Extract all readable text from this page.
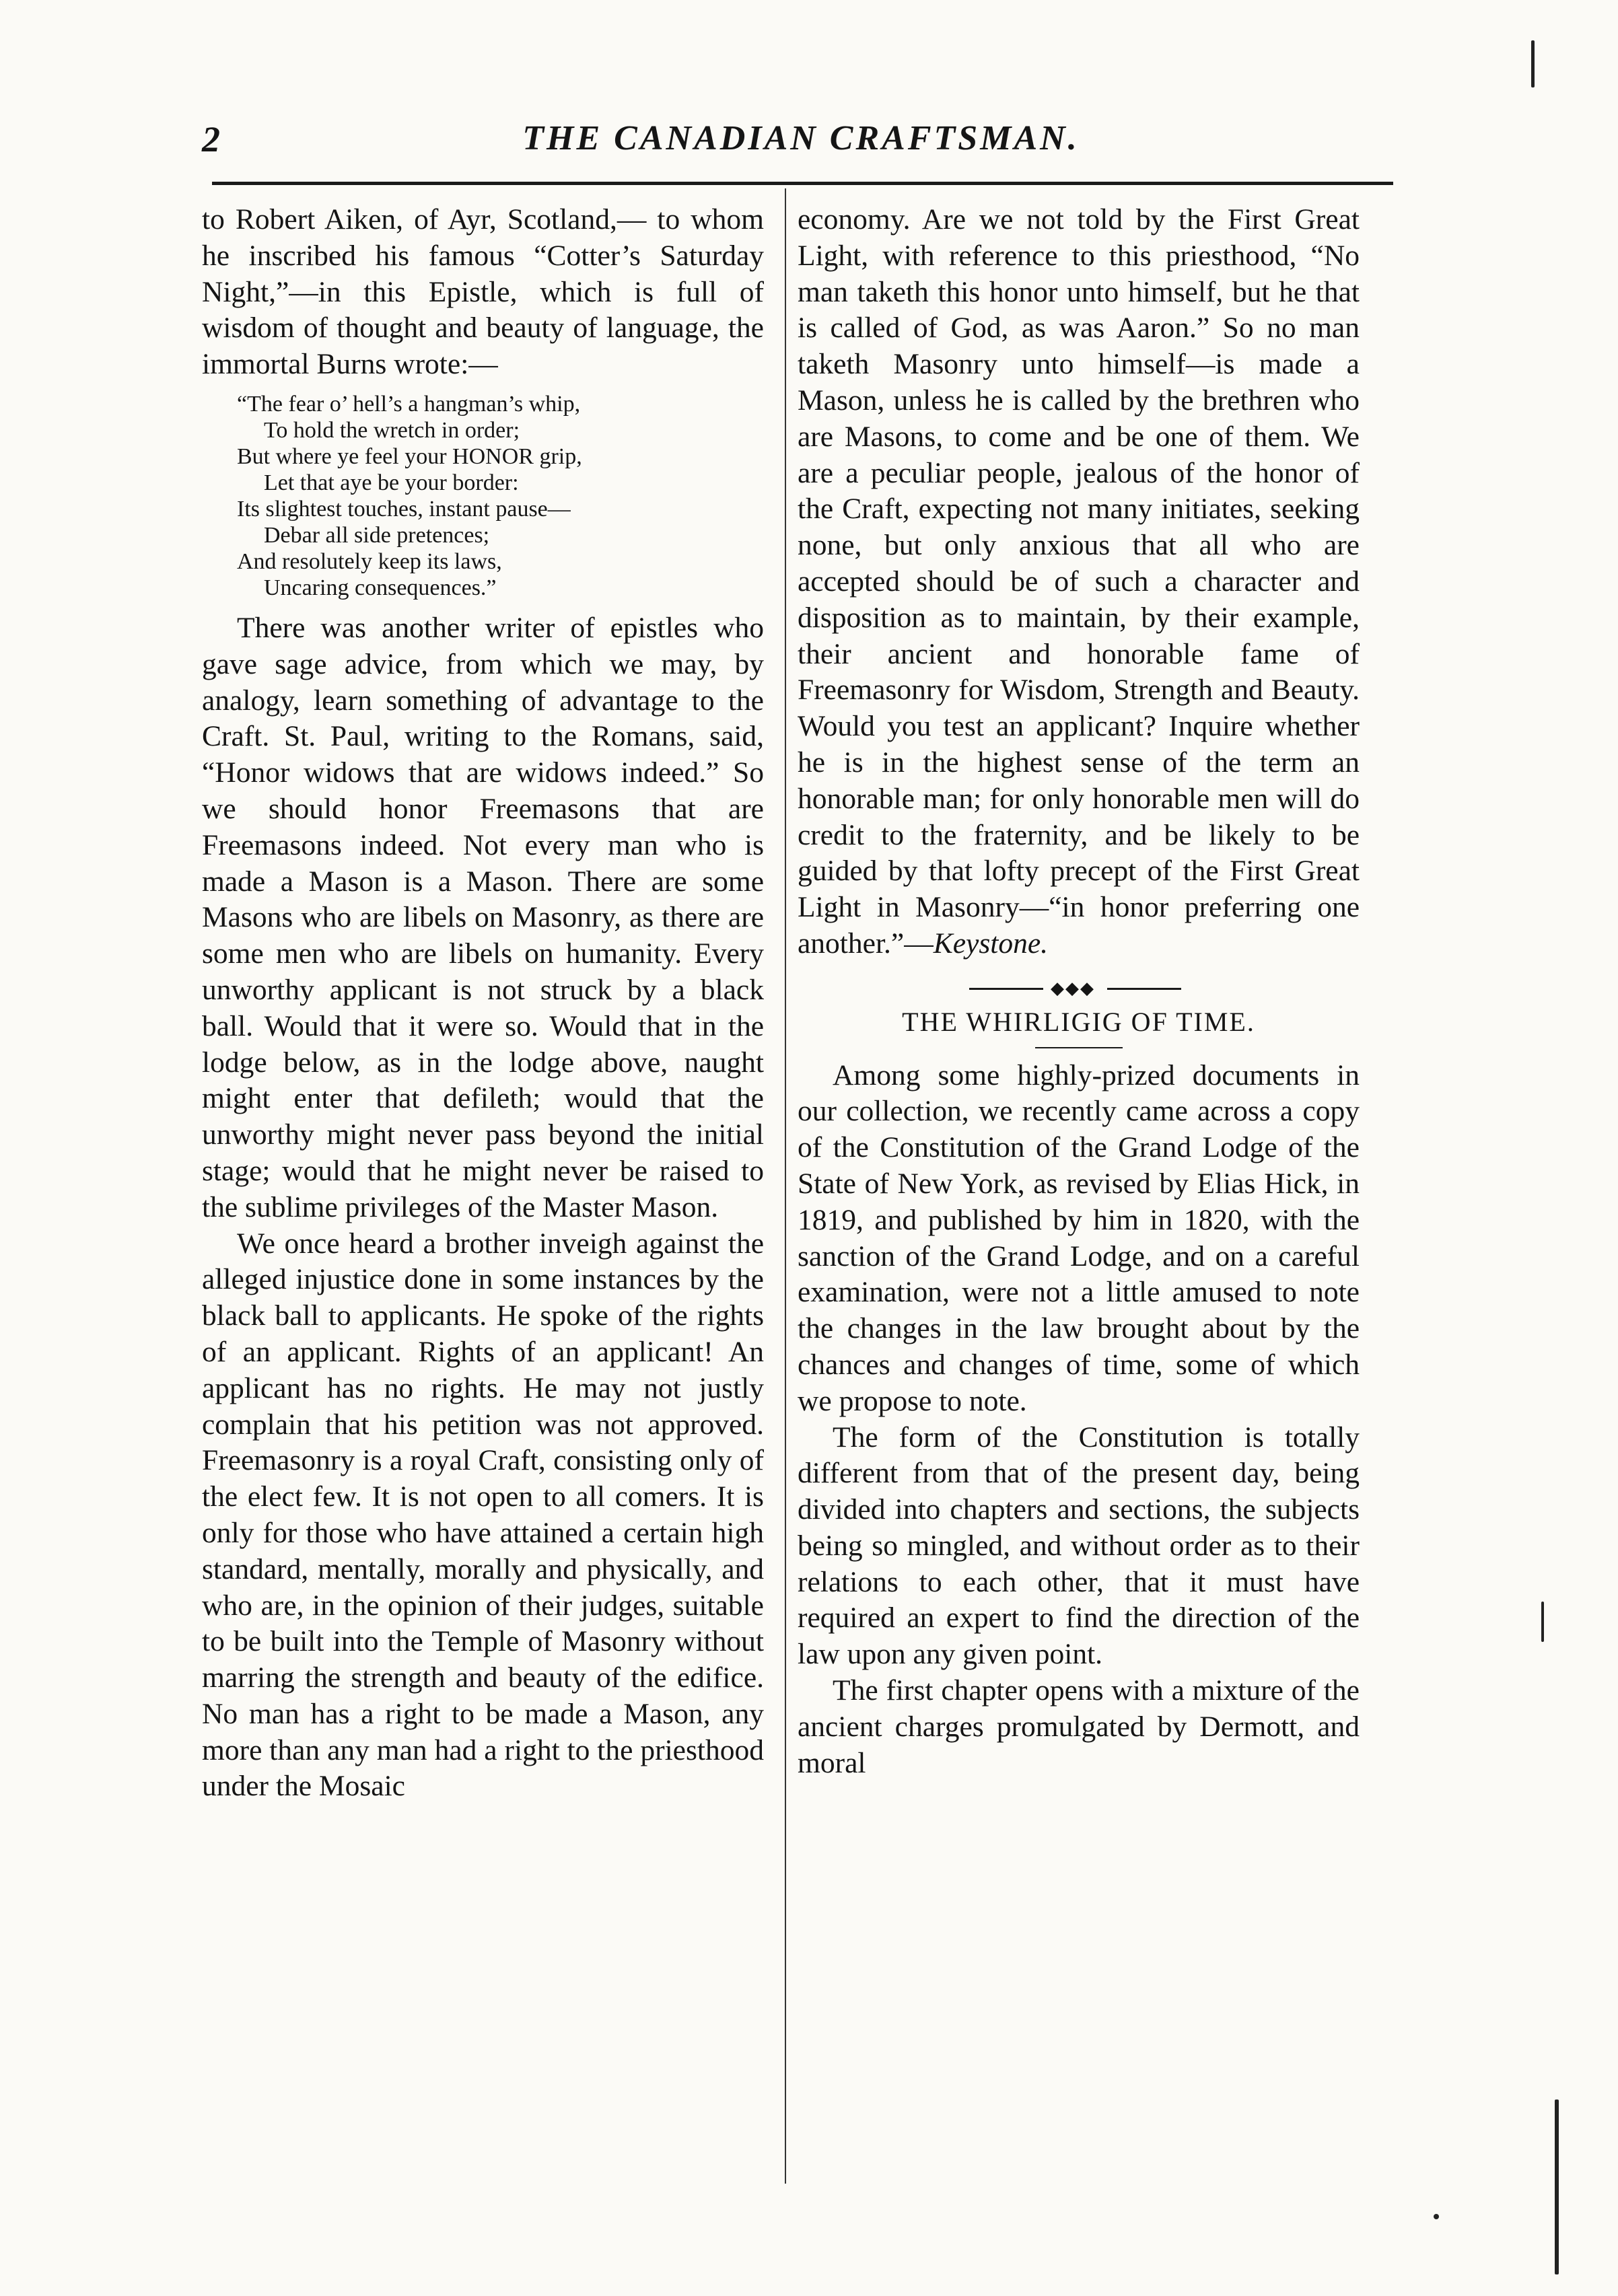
2	THE CANADIAN CRAFTSMAN.

to Robert Aiken, of Ayr, Scotland,— to whom he inscribed his famous “Cotter’s Saturday Night,”—in this Epistle, which is full of wisdom of thought and beauty of language, the immortal Burns wrote:—

“The fear o’ hell’s a hangman’s whip,
To hold the wretch in order;
But where ye feel your HONOR grip,
Let that aye be your border:
Its slightest touches, instant pause—
Debar all side pretences;
And resolutely keep its laws,
Uncaring consequences.”

There was another writer of epistles who gave sage advice, from which we may, by analogy, learn something of advantage to the Craft. St. Paul, writing to the Romans, said, “Honor widows that are widows indeed.” So we should honor Freemasons that are Freemasons indeed. Not every man who is made a Mason is a Mason. There are some Masons who are libels on Masonry, as there are some men who are libels on humanity. Every unworthy applicant is not struck by a black ball. Would that it were so. Would that in the lodge below, as in the lodge above, naught might enter that defileth; would that the unworthy might never pass beyond the initial stage; would that he might never be raised to the sublime privileges of the Master Mason.

We once heard a brother inveigh against the alleged injustice done in some instances by the black ball to applicants. He spoke of the rights of an applicant. Rights of an applicant! An applicant has no rights. He may not justly complain that his petition was not approved. Freemasonry is a royal Craft, consisting only of the elect few. It is not open to all comers. It is only for those who have attained a certain high standard, mentally, morally and physically, and who are, in the opinion of their judges, suitable to be built into the Temple of Masonry without marring the strength and beauty of the edifice. No man has a right to be made a Mason, any more than any man had a right to the priesthood under the Mosaic

economy. Are we not told by the First Great Light, with reference to this priesthood, “No man taketh this honor unto himself, but he that is called of God, as was Aaron.” So no man taketh Masonry unto himself—is made a Mason, unless he is called by the brethren who are Masons, to come and be one of them. We are a peculiar people, jealous of the honor of the Craft, expecting not many initiates, seeking none, but only anxious that all who are accepted should be of such a character and disposition as to maintain, by their example, their ancient and honorable fame of Freemasonry for Wisdom, Strength and Beauty. Would you test an applicant? Inquire whether he is in the highest sense of the term an honorable man; for only honorable men will do credit to the fraternity, and be likely to be guided by that lofty precept of the First Great Light in Masonry—“in honor preferring one another.”—Keystone.

◆◆◆
THE WHIRLIGIG OF TIME.

Among some highly-prized documents in our collection, we recently came across a copy of the Constitution of the Grand Lodge of the State of New York, as revised by Elias Hick, in 1819, and published by him in 1820, with the sanction of the Grand Lodge, and on a careful examination, were not a little amused to note the changes in the law brought about by the chances and changes of time, some of which we propose to note.

The form of the Constitution is totally different from that of the present day, being divided into chapters and sections, the subjects being so mingled, and without order as to their relations to each other, that it must have required an expert to find the direction of the law upon any given point.

The first chapter opens with a mixture of the ancient charges promulgated by Dermott, and moral
